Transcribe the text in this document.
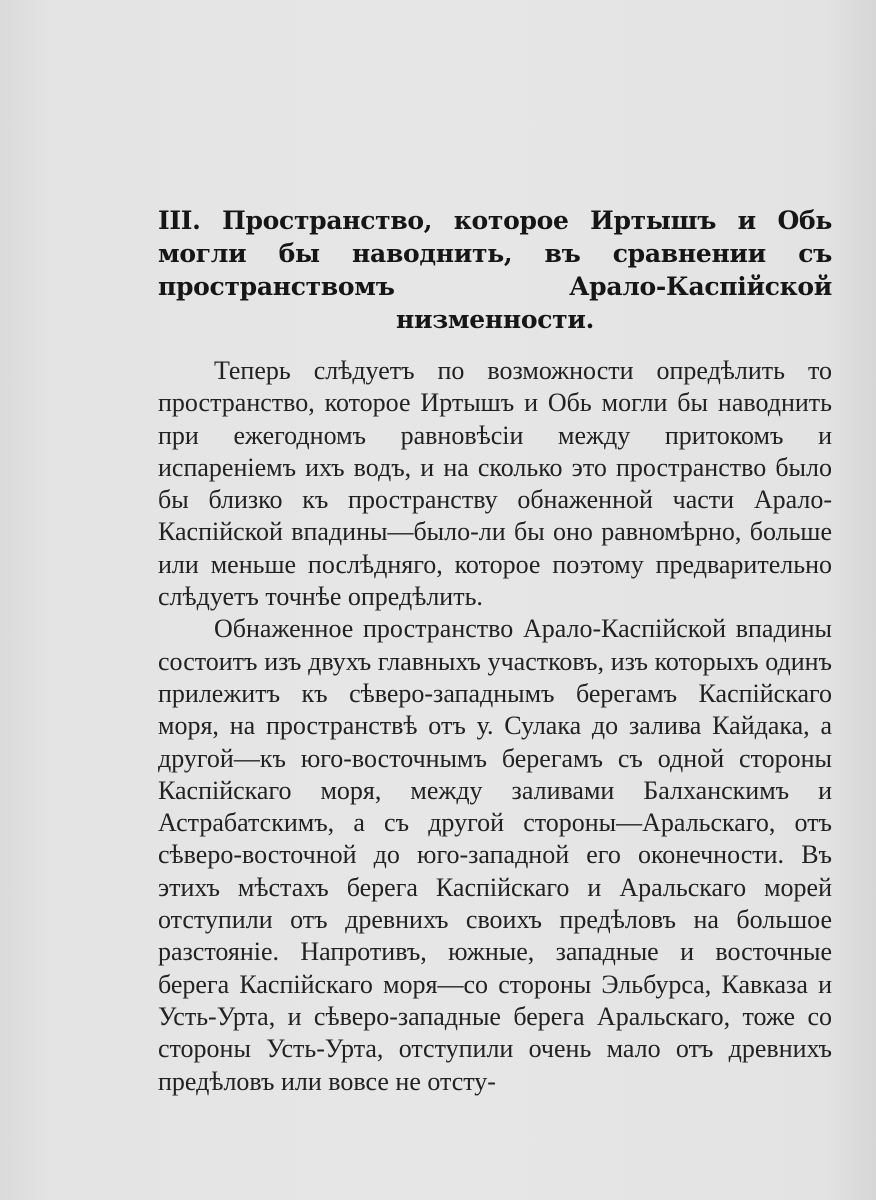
III. Пространство, которое Иртышъ и Обь могли бы наводнить, въ сравнении съ пространствомъ Арало-Каспiйской низменности.

Теперь слѣдуетъ по возможности опредѣлить то пространство, которое Иртышъ и Обь могли бы наводнить при ежегодномъ равновѣсiи между притокомъ и испаренiемъ ихъ водъ, и на сколько это пространство было бы близко къ пространству обнаженной части Арало-Каспiйской впадины—было-ли бы оно равномѣрно, больше или меньше послѣдняго, которое поэтому предварительно слѣдуетъ точнѣе опредѣлить.

Обнаженное пространство Арало-Каспiйской впадины состоитъ изъ двухъ главныхъ участковъ, изъ которыхъ одинъ прилежитъ къ сѣверо-западнымъ берегамъ Каспiйскаго моря, на пространствѣ отъ у. Сулака до залива Кайдака, а другой—къ юго-восточнымъ берегамъ съ одной стороны Каспiйскаго моря, между заливами Балханскимъ и Астрабатскимъ, а съ другой стороны—Аральскаго, отъ сѣверо-восточной до юго-западной его оконечности. Въ этихъ мѣстахъ берега Каспiйскаго и Аральскаго морей отступили отъ древнихъ своихъ предѣловъ на большое разстоянiе. Напротивъ, южные, западные и восточные берега Каспiйскаго моря—со стороны Эльбурса, Кавказа и Усть-Урта, и сѣверо-западные берега Аральскаго, тоже со стороны Усть-Урта, отступили очень мало отъ древнихъ предѣловъ или вовсе не отсту-
